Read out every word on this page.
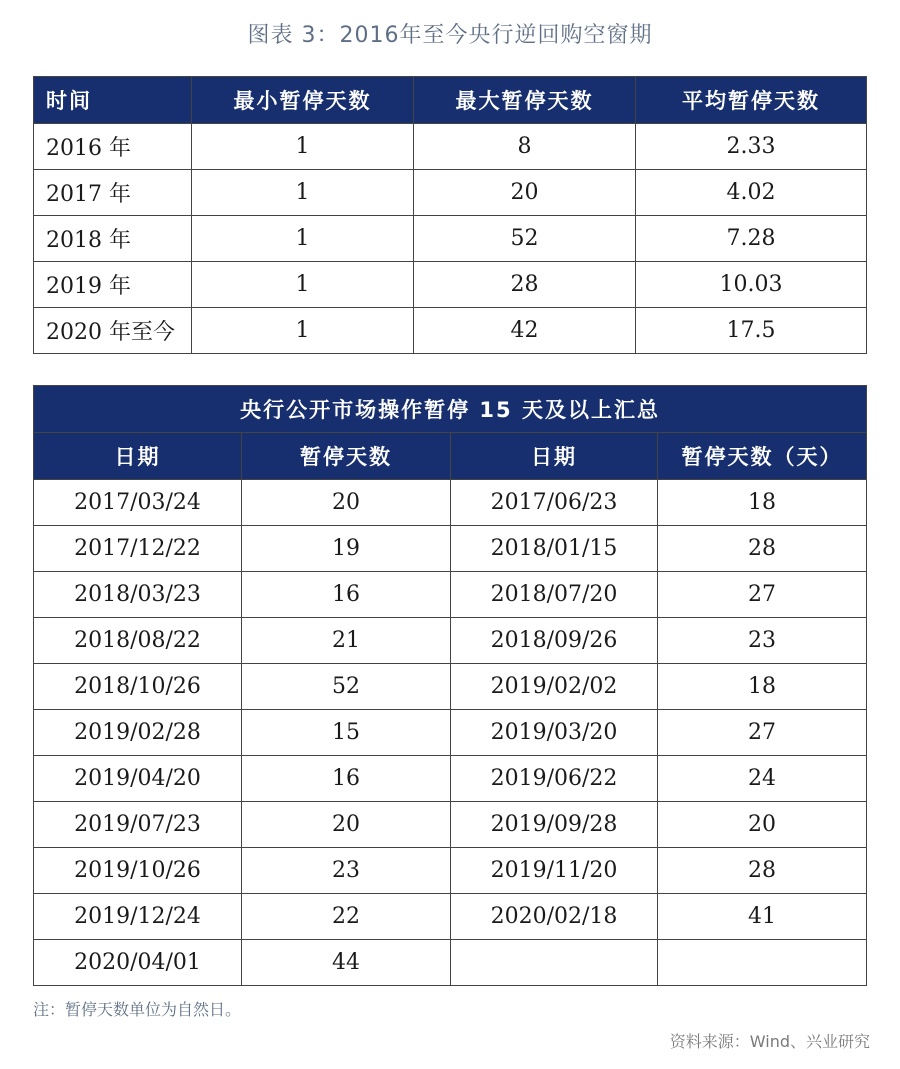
图表 3：2016年至今央行逆回购空窗期
时间	最小暂停天数	最大暂停天数	平均暂停天数
2016 年	1	8	2.33
2017 年	1	20	4.02
2018 年	1	52	7.28
2019 年	1	28	10.03
2020 年至今	1	42	17.5
央行公开市场操作暂停 15 天及以上汇总			
日期	暂停天数	日期	暂停天数（天）
2017/03/24	20	2017/06/23	18
2017/12/22	19	2018/01/15	28
2018/03/23	16	2018/07/20	27
2018/08/22	21	2018/09/26	23
2018/10/26	52	2019/02/02	18
2019/02/28	15	2019/03/20	27
2019/04/20	16	2019/06/22	24
2019/07/23	20	2019/09/28	20
2019/10/26	23	2019/11/20	28
2019/12/24	22	2020/02/18	41
2020/04/01	44		
注：暂停天数单位为自然日。
资料来源：Wind、兴业研究
